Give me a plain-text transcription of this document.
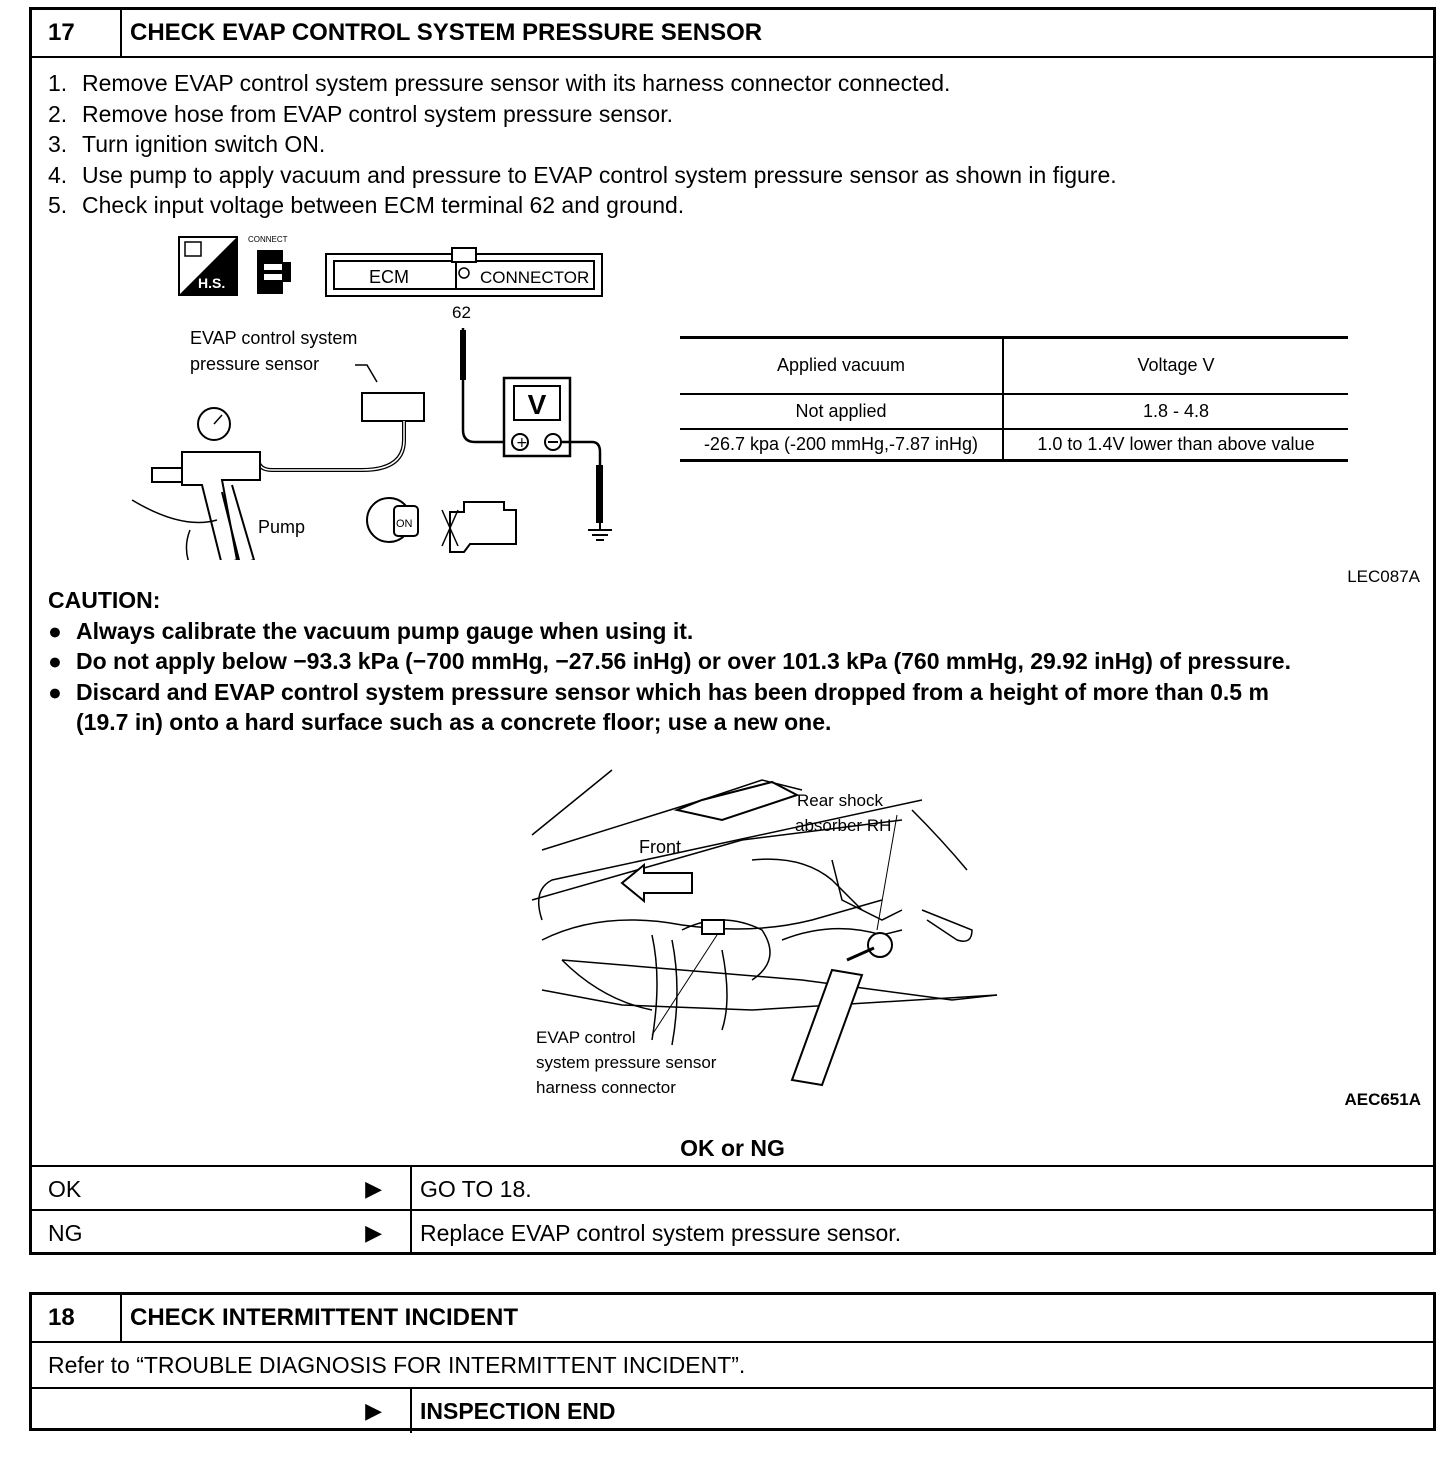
17	CHECK EVAP CONTROL SYSTEM PRESSURE SENSOR
1. Remove EVAP control system pressure sensor with its harness connector connected.
2. Remove hose from EVAP control system pressure sensor.
3. Turn ignition switch ON.
4. Use pump to apply vacuum and pressure to EVAP control system pressure sensor as shown in figure.
5. Check input voltage between ECM terminal 62 and ground.
H.S.
CONNECT
ECM	CONNECTOR
62
V
+
EVAP control system
pressure sensor
Pump	ON
Applied vacuum	Voltage V
Not applied	1.8 - 4.8
-26.7 kpa (-200 mmHg,-7.87 inHg)	1.0 to 1.4V lower than above value
LEC087A
CAUTION:
● Always calibrate the vacuum pump gauge when using it.
● Do not apply below −93.3 kPa (−700 mmHg, −27.56 inHg) or over 101.3 kPa (760 mmHg, 29.92 inHg) of pressure.
● Discard and EVAP control system pressure sensor which has been dropped from a height of more than 0.5 m
(19.7 in) onto a hard surface such as a concrete floor; use a new one.
Front
Rear shock
absorber RH
EVAP control
system pressure sensor
harness connector
AEC651A
OK or NG
OK	▶	GO TO 18.
NG	▶	Replace EVAP control system pressure sensor.
18	CHECK INTERMITTENT INCIDENT
Refer to “TROUBLE DIAGNOSIS FOR INTERMITTENT INCIDENT”.
▶	INSPECTION END
